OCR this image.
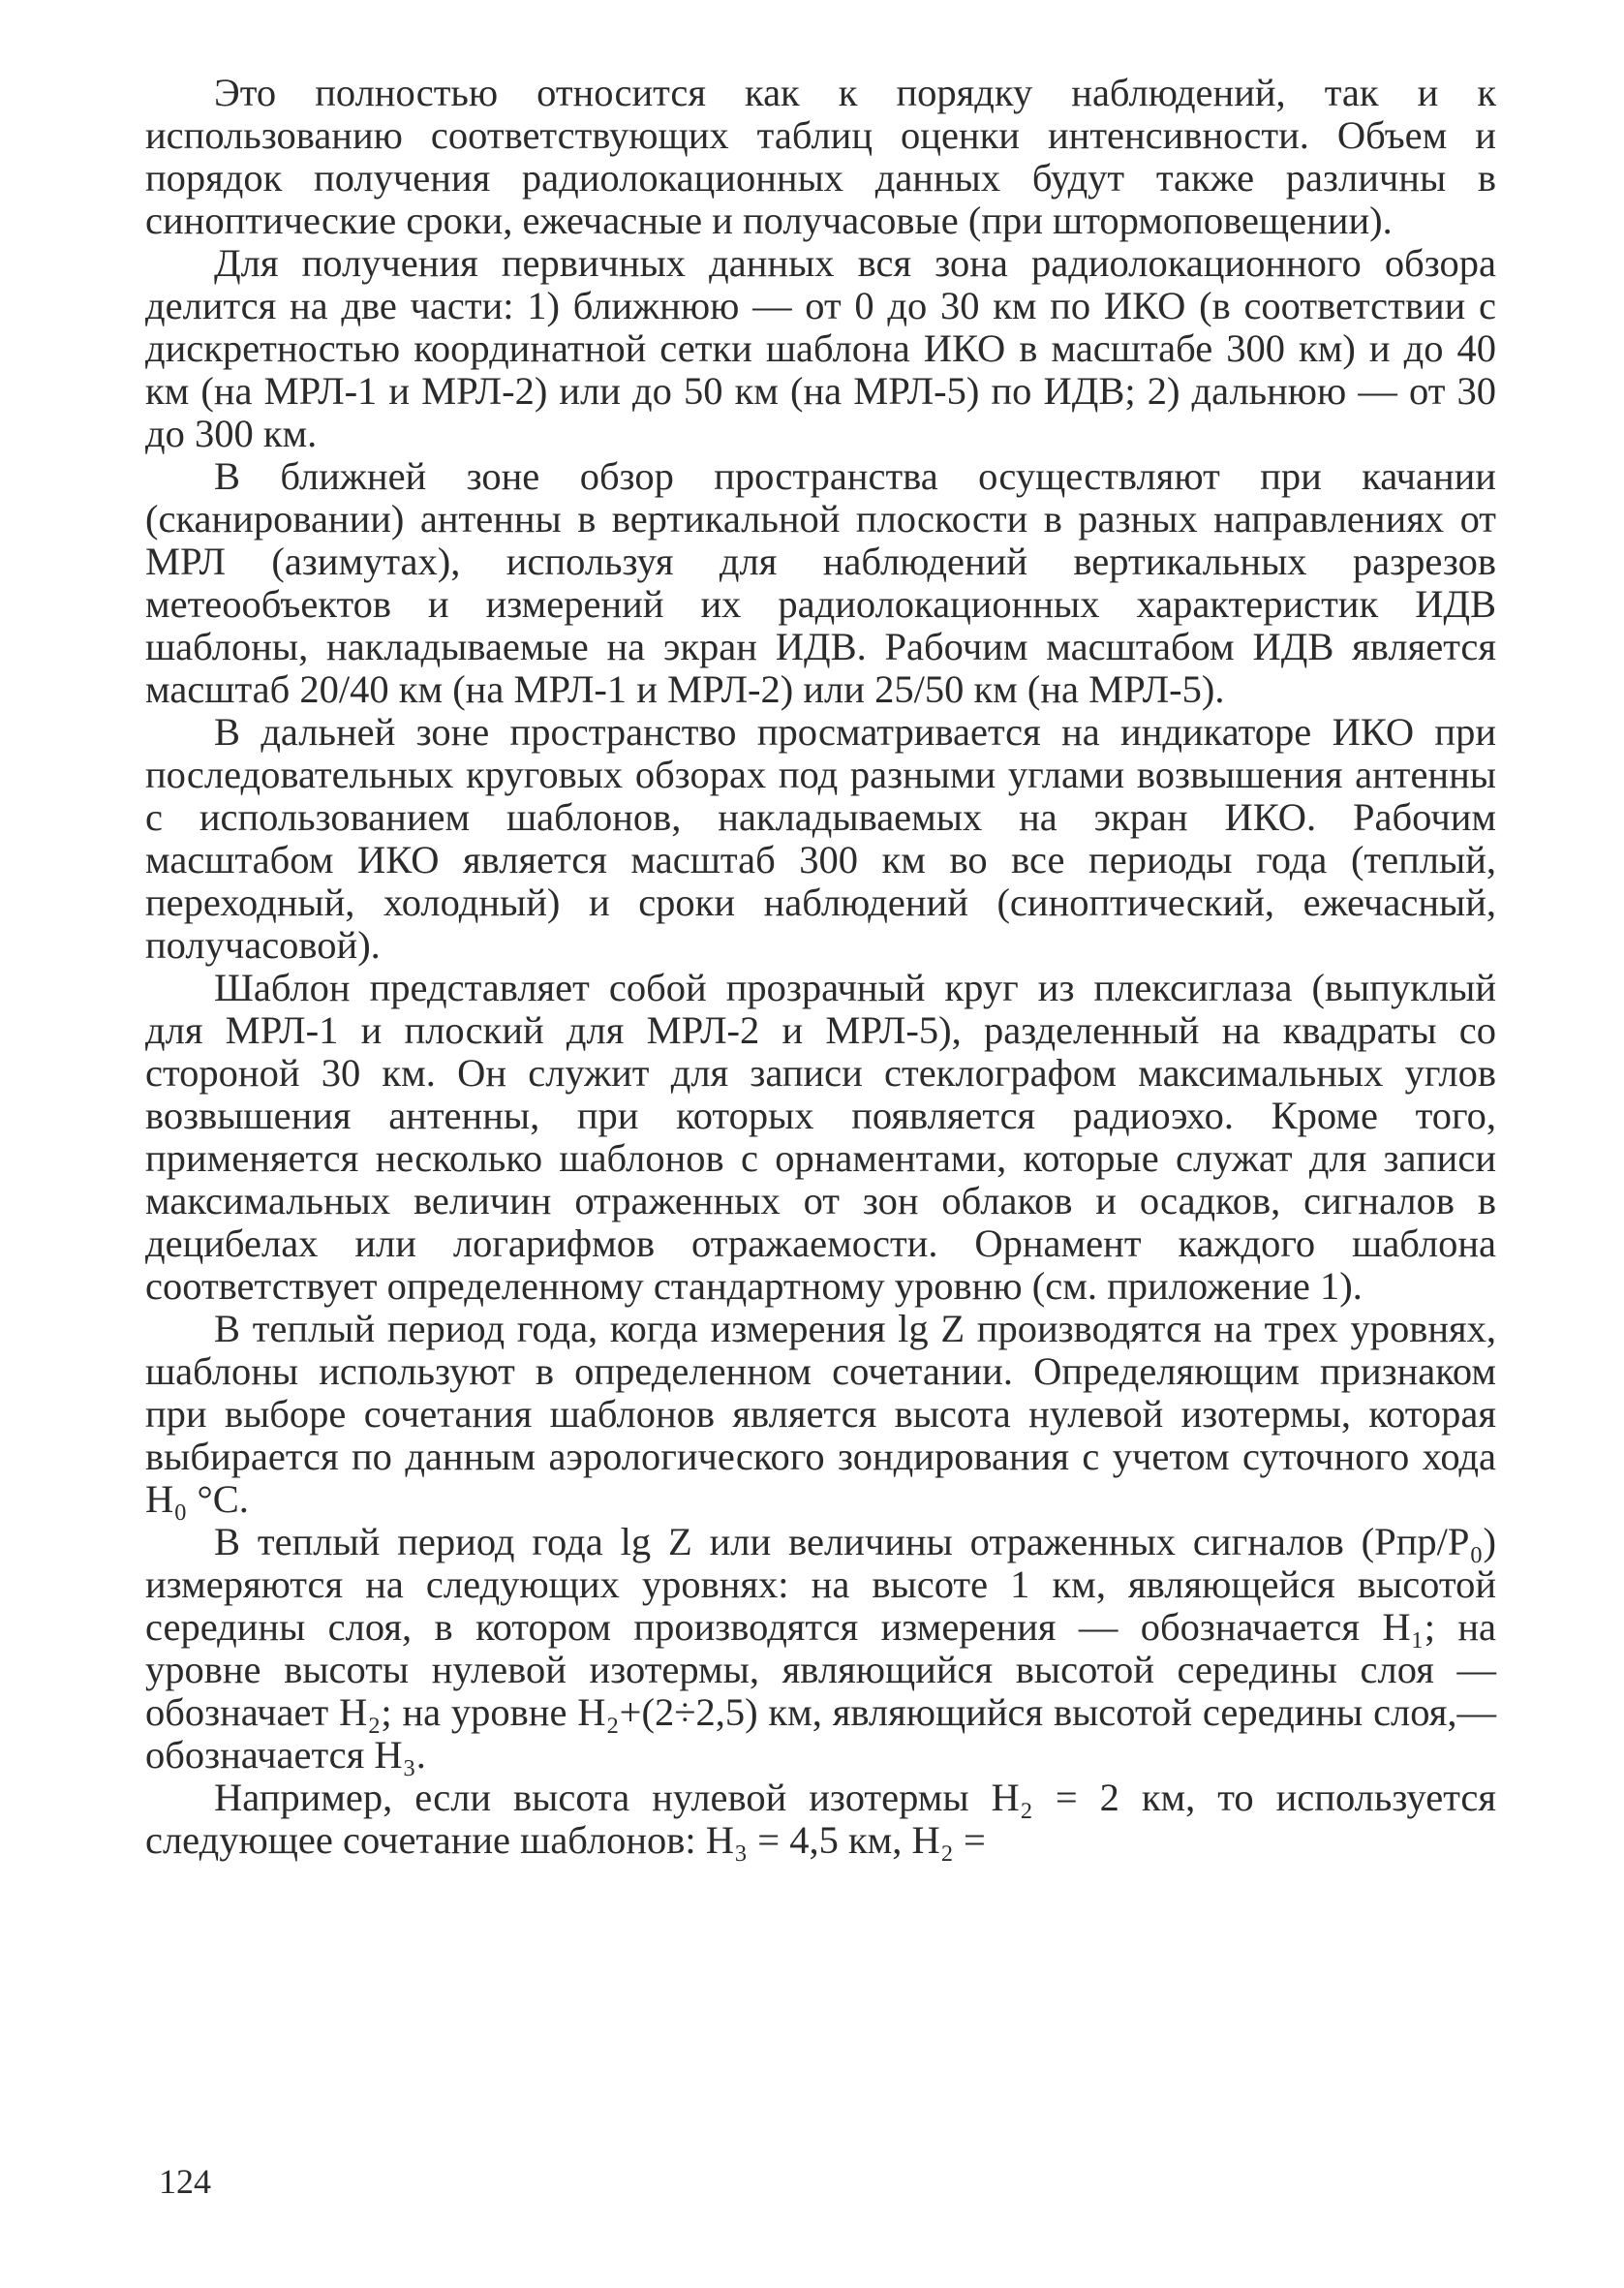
Это полностью относится как к порядку наблюдений, так и к использованию соответствующих таблиц оценки интенсивности. Объем и порядок получения радиолокационных данных будут также различны в синоптические сроки, ежечасные и получасовые (при штормоповещении).

Для получения первичных данных вся зона радиолокационного обзора делится на две части: 1) ближнюю — от 0 до 30 км по ИКО (в соответствии с дискретностью координатной сетки шаблона ИКО в масштабе 300 км) и до 40 км (на МРЛ-1 и МРЛ-2) или до 50 км (на МРЛ-5) по ИДВ; 2) дальнюю — от 30 до 300 км.

В ближней зоне обзор пространства осуществляют при качании (сканировании) антенны в вертикальной плоскости в разных направлениях от МРЛ (азимутах), используя для наблюдений вертикальных разрезов метеообъектов и измерений их радиолокационных характеристик ИДВ шаблоны, накладываемые на экран ИДВ. Рабочим масштабом ИДВ является масштаб 20/40 км (на МРЛ-1 и МРЛ-2) или 25/50 км (на МРЛ-5).

В дальней зоне пространство просматривается на индикаторе ИКО при последовательных круговых обзорах под разными углами возвышения антенны с использованием шаблонов, накладываемых на экран ИКО. Рабочим масштабом ИКО является масштаб 300 км во все периоды года (теплый, переходный, холодный) и сроки наблюдений (синоптический, ежечасный, получасовой).

Шаблон представляет собой прозрачный круг из плексиглаза (выпуклый для МРЛ-1 и плоский для МРЛ-2 и МРЛ-5), разделенный на квадраты со стороной 30 км. Он служит для записи стеклографом максимальных углов возвышения антенны, при которых появляется радиоэхо. Кроме того, применяется несколько шаблонов с орнаментами, которые служат для записи максимальных величин отраженных от зон облаков и осадков, сигналов в децибелах или логарифмов отражаемости. Орнамент каждого шаблона соответствует определенному стандартному уровню (см. приложение 1).

В теплый период года, когда измерения lg Z производятся на трех уровнях, шаблоны используют в определенном сочетании. Определяющим признаком при выборе сочетания шаблонов является высота нулевой изотермы, которая выбирается по данным аэрологического зондирования с учетом суточного хода H₀ °C.

В теплый период года lg Z или величины отраженных сигналов (Pпр/P₀) измеряются на следующих уровнях: на высоте 1 км, являющейся высотой середины слоя, в котором производятся измерения — обозначается H₁; на уровне высоты нулевой изотермы, являющийся высотой середины слоя — обозначает H₂; на уровне H₂+(2÷2,5) км, являющийся высотой середины слоя,— обозначается H₃.

Например, если высота нулевой изотермы H₂ = 2 км, то используется следующее сочетание шаблонов: H₃ = 4,5 км, H₂ =

124
